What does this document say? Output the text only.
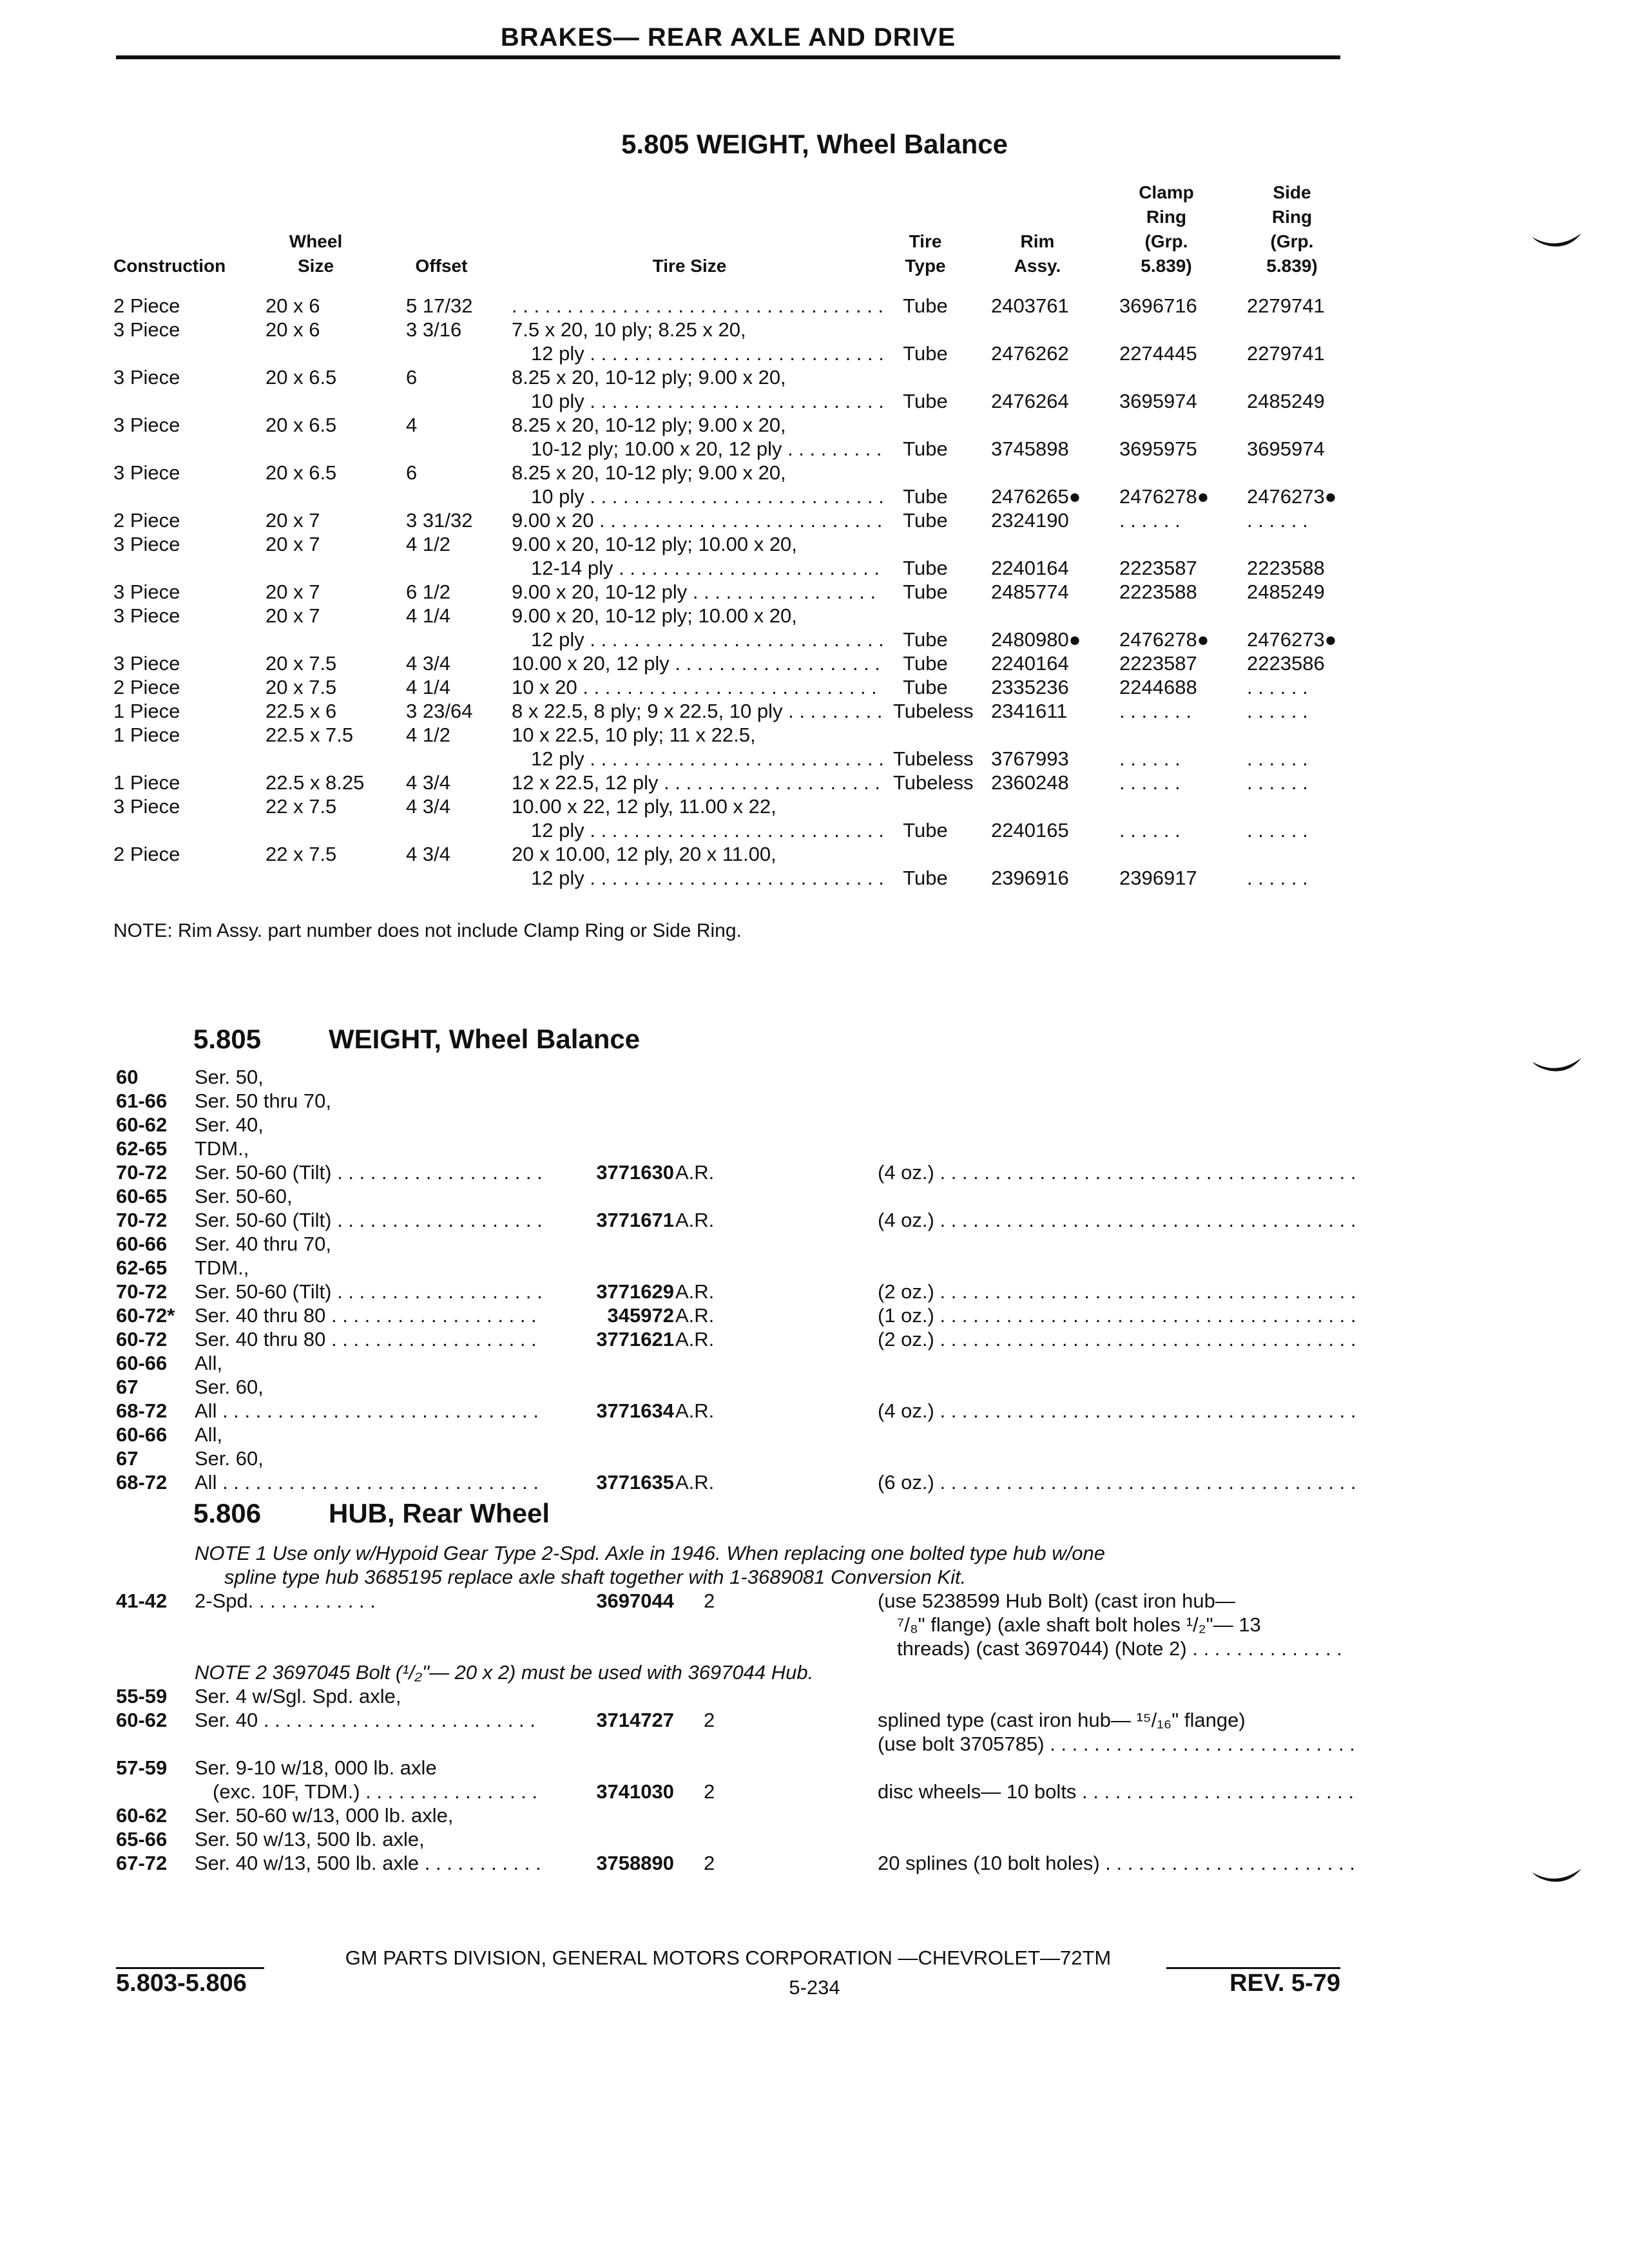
BRAKES— REAR AXLE AND DRIVE
5.805 WEIGHT, Wheel Balance
Construction
Wheel
Size	Offset	Tire Size
Tire
Type
Rim
Assy.
Clamp
Ring
(Grp.
5.839)
Side
Ring
(Grp.
5.839)
2 Piece	20 x 6	5 17/32
. . .	Tube	2403761	3696716 2279741
3 Piece	20 x 6	3 3/16	7.5 x 20, 10 ply; 8.25 x 20,
12 ply . . .	Tube	2476262	2274445 2279741
3 Piece	20 x 6.5	6	8.25 x 20, 10-12 ply; 9.00 x 20,
10 ply . . .	Tube	2476264	3695974 2485249
3 Piece	20 x 6.5	4	8.25 x 20, 10-12 ply; 9.00 x 20,
10-12 ply; 10.00 x 20, 12 ply . . .	Tube	3745898	3695975 3695974
3 Piece	20 x 6.5	6	8.25 x 20, 10-12 ply; 9.00 x 20,
10 ply . . .	Tube	2476265● 2476278● 2476273●
2 Piece	20 x 7	3 31/32 9.00 x 20 . . .	Tube	2324190	. . . . . .	. . . . . .
3 Piece	20 x 7	4 1/2	9.00 x 20, 10-12 ply; 10.00 x 20,
12-14 ply . . .	Tube	2240164	2223587 2223588
3 Piece	20 x 7	6 1/2	9.00 x 20, 10-12 ply . . .	Tube	2485774	2223588 2485249
3 Piece	20 x 7	4 1/4	9.00 x 20, 10-12 ply; 10.00 x 20,
12 ply . . .	Tube	2480980● 2476278● 2476273●
3 Piece	20 x 7.5	4 3/4	10.00 x 20, 12 ply . . .	Tube	2240164	2223587 2223586
2 Piece	20 x 7.5	4 1/4	10 x 20 . . .	Tube	2335236	2244688 . . . . . .
1 Piece	22.5 x 6	3 23/64 8 x 22.5, 8 ply; 9 x 22.5, 10 ply . . .	Tubeless 2341611	. . . . . . .	. . . . . .
1 Piece	22.5 x 7.5	4 1/2	10 x 22.5, 10 ply; 11 x 22.5,
12 ply . . .	Tubeless 3767993	. . . . . .	. . . . . .
1 Piece	22.5 x 8.25 4 3/4	12 x 22.5, 12 ply . . .	Tubeless 2360248	. . . . . .	. . . . . .
3 Piece	22 x 7.5	4 3/4	10.00 x 22, 12 ply, 11.00 x 22,
12 ply . . .	Tube	2240165	. . . . . .	. . . . . .
2 Piece	22 x 7.5	4 3/4	20 x 10.00, 12 ply, 20 x 11.00,
12 ply . . .	Tube	2396916	2396917 . . . . . .
NOTE: Rim Assy. part number does not include Clamp Ring or Side Ring.
5.805 WEIGHT, Wheel Balance
60	Ser. 50,
61-66 Ser. 50 thru 70,
60-62 Ser. 40,
62-65 TDM.,
70-72 Ser. 50-60 (Tilt) . . .	3771630 A.R.	(4 oz.) . . .
60-65 Ser. 50-60,
70-72 Ser. 50-60 (Tilt) . . .	3771671 A.R.	(4 oz.) . . .
60-66 Ser. 40 thru 70,
62-65 TDM.,
70-72 Ser. 50-60 (Tilt) . . .	3771629 A.R.	(2 oz.) . . .
60-72* Ser. 40 thru 80 . . .	345972 A.R.	(1 oz.) . . .
60-72 Ser. 40 thru 80 . . .	3771621 A.R.	(2 oz.) . . .
60-66 All,
67	Ser. 60,
68-72 All . . .	3771634 A.R.	(4 oz.) . . .
60-66 All,
67	Ser. 60,
68-72 All . . .	3771635 A.R.	(6 oz.) . . .
5.806 HUB, Rear Wheel
NOTE 1 Use only w/Hypoid Gear Type 2-Spd. Axle in 1946. When replacing one bolted type hub w/one
spline type hub 3685195 replace axle shaft together with 1-3689081 Conversion Kit.
41-42 2-Spd. . . .	3697044 2	(use 5238599 Hub Bolt) (cast iron hub—
⁷/₈" flange) (axle shaft bolt holes ¹/₂"— 13
threads) (cast 3697044) (Note 2) . . .
NOTE 2 3697045 Bolt (¹/₂"— 20 x 2) must be used with 3697044 Hub.
55-59
60-62
Ser. 4 w/Sgl. Spd. axle,
Ser. 40 . . .	3714727 2	splined type (cast iron hub— ¹⁵/₁₆" flange)
(use bolt 3705785) . . .
57-59 Ser. 9-10 w/18, 000 lb. axle
(exc. 10F, TDM.) . . .	3741030 2	disc wheels— 10 bolts . . .
60-62
65-66
67-72
Ser. 50-60 w/13, 000 lb. axle,
Ser. 50 w/13, 500 lb. axle,
Ser. 40 w/13, 500 lb. axle . . .	3758890 2	20 splines (10 bolt holes) . . .
GM PARTS DIVISION, GENERAL MOTORS CORPORATION —CHEVROLET—72TM
5.803-5.806	5-234	REV. 5-79
